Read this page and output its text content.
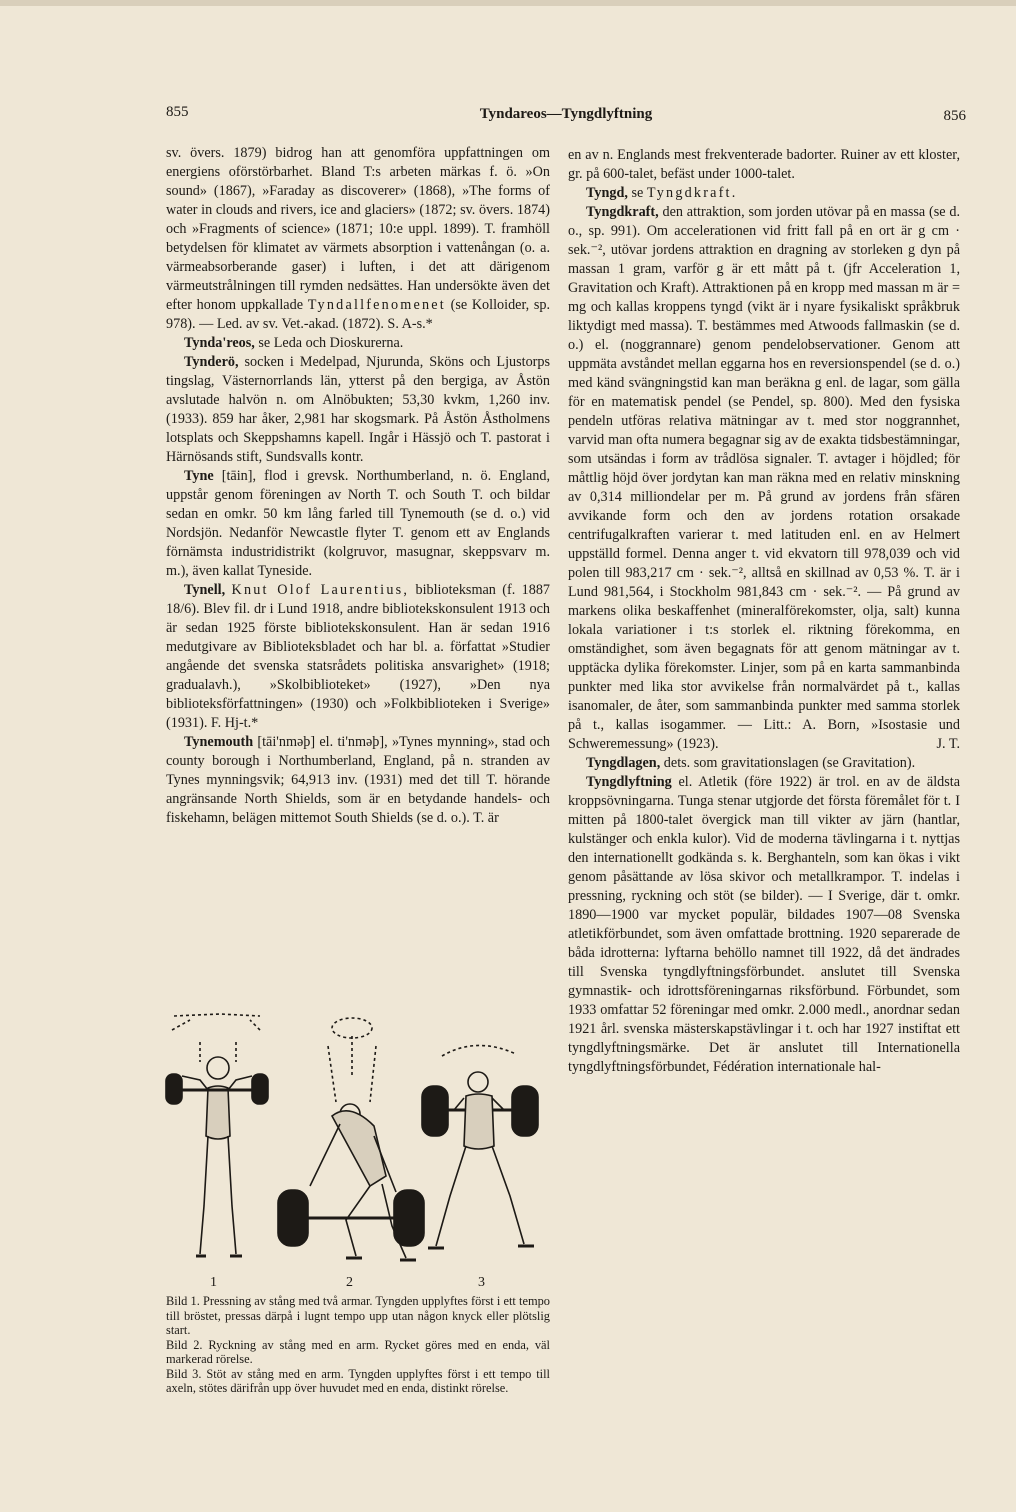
855	Tyndareos—Tyngdlyftning	856

sv. övers. 1879) bidrog han att genomföra uppfattningen om energiens oförstörbarhet. Bland T:s arbeten märkas f. ö. »On sound» (1867), »Faraday as discoverer» (1868), »The forms of water in clouds and rivers, ice and glaciers» (1872; sv. övers. 1874) och »Fragments of science» (1871; 10:e uppl. 1899). T. framhöll betydelsen för klimatet av värmets absorption i vattenångan (o. a. värmeabsorberande gaser) i luften, i det att därigenom värmeutstrålningen till rymden nedsättes. Han undersökte även det efter honom uppkallade Tyndallfenomenet (se Kolloider, sp. 978). — Led. av sv. Vet.-akad. (1872). S. A-s.*

Tynda'reos, se Leda och Dioskurerna.

Tynderö, socken i Medelpad, Njurunda, Sköns och Ljustorps tingslag, Västernorrlands län, ytterst på den bergiga, av Åstön avslutade halvön n. om Alnöbukten; 53,30 kvkm, 1,260 inv. (1933). 859 har åker, 2,981 har skogsmark. På Åstön Åstholmens lotsplats och Skeppshamns kapell. Ingår i Hässjö och T. pastorat i Härnösands stift, Sundsvalls kontr.

Tyne [tāin], flod i grevsk. Northumberland, n. ö. England, uppstår genom föreningen av North T. och South T. och bildar sedan en omkr. 50 km lång farled till Tynemouth (se d. o.) vid Nordsjön. Nedanför Newcastle flyter T. genom ett av Englands förnämsta industridistrikt (kolgruvor, masugnar, skeppsvarv m. m.), även kallat Tyneside.

Tynell, Knut Olof Laurentius, biblioteksman (f. 1887 18/6). Blev fil. dr i Lund 1918, andre bibliotekskonsulent 1913 och är sedan 1925 förste bibliotekskonsulent. Han är sedan 1916 medutgivare av Biblioteksbladet och har bl. a. författat »Studier angående det svenska statsrådets politiska ansvarighet» (1918; gradualavh.), »Skolbiblioteket» (1927), »Den nya biblioteksförfattningen» (1930) och »Folkbiblioteken i Sverige» (1931). F. Hj-t.*

Tynemouth [tāi'nmәþ] el. ti'nmәþ], »Tynes mynning», stad och county borough i Northumberland, England, på n. stranden av Tynes mynningsvik; 64,913 inv. (1931) med det till T. hörande angränsande North Shields, som är en betydande handels- och fiskehamn, belägen mittemot South Shields (se d. o.). T. är

1	2	3

Bild 1. Pressning av stång med två armar. Tyngden upplyftes först i ett tempo till bröstet, pressas därpå i lugnt tempo upp utan någon knyck eller plötslig start.

Bild 2. Ryckning av stång med en arm. Rycket göres med en enda, väl markerad rörelse.

Bild 3. Stöt av stång med en arm. Tyngden upplyftes först i ett tempo till axeln, stötes därifrån upp över huvudet med en enda, distinkt rörelse.

en av n. Englands mest frekventerade badorter. Ruiner av ett kloster, gr. på 600-talet, befäst under 1000-talet.

Tyngd, se Tyngdkraft.

Tyngdkraft, den attraktion, som jorden utövar på en massa (se d. o., sp. 991). Om accelerationen vid fritt fall på en ort är g cm · sek.⁻², utövar jordens attraktion en dragning av storleken g dyn på massan 1 gram, varför g är ett mått på t. (jfr Acceleration 1, Gravitation och Kraft). Attraktionen på en kropp med massan m är = mg och kallas kroppens tyngd (vikt är i nyare fysikaliskt språkbruk liktydigt med massa). T. bestämmes med Atwoods fallmaskin (se d. o.) el. (noggrannare) genom pendelobservationer. Genom att uppmäta avståndet mellan eggarna hos en reversionspendel (se d. o.) med känd svängningstid kan man beräkna g enl. de lagar, som gälla för en matematisk pendel (se Pendel, sp. 800). Med den fysiska pendeln utföras relativa mätningar av t. med stor noggrannhet, varvid man ofta numera begagnar sig av de exakta tidsbestämningar, som utsändas i form av trådlösa signaler. T. avtager i höjdled; för måttlig höjd över jordytan kan man räkna med en relativ minskning av 0,314 milliondelar per m. På grund av jordens från sfären avvikande form och den av jordens rotation orsakade centrifugalkraften varierar t. med latituden enl. en av Helmert uppställd formel. Denna anger t. vid ekvatorn till 978,039 och vid polen till 983,217 cm · sek.⁻², alltså en skillnad av 0,53 %. T. är i Lund 981,564, i Stockholm 981,843 cm · sek.⁻². — På grund av markens olika beskaffenhet (mineralförekomster, olja, salt) kunna lokala variationer i t:s storlek el. riktning förekomma, en omständighet, som även begagnats för att genom mätningar av t. upptäcka dylika förekomster. Linjer, som på en karta sammanbinda punkter med lika stor avvikelse från normalvärdet på t., kallas isanomaler, de åter, som sammanbinda punkter med samma storlek på t., kallas isogammer. — Litt.: A. Born, »Isostasie und Schweremessung» (1923).	J. T.

Tyngdlagen, dets. som gravitationslagen (se Gravitation).

Tyngdlyftning el. Atletik (före 1922) är trol. en av de äldsta kroppsövningarna. Tunga stenar utgjorde det första föremålet för t. I mitten på 1800-talet övergick man till vikter av järn (hantlar, kulstänger och enkla kulor). Vid de moderna tävlingarna i t. nyttjas den internationellt godkända s. k. Berghanteln, som kan ökas i vikt genom påsättande av lösa skivor och metallkrampor. T. indelas i pressning, ryckning och stöt (se bilder). — I Sverige, där t. omkr. 1890—1900 var mycket populär, bildades 1907—08 Svenska atletikförbundet, som även omfattade brottning. 1920 separerade de båda idrotterna: lyftarna behöllo namnet till 1922, då det ändrades till Svenska tyngdlyftningsförbundet. anslutet till Svenska gymnastik- och idrottsföreningarnas riksförbund. Förbundet, som 1933 omfattar 52 föreningar med omkr. 2.000 medl., anordnar sedan 1921 årl. svenska mästerskapstävlingar i t. och har 1927 instiftat ett tyngdlyftningsmärke. Det är anslutet till Internationella tyngdlyftningsförbundet, Fédération internationale hal-
